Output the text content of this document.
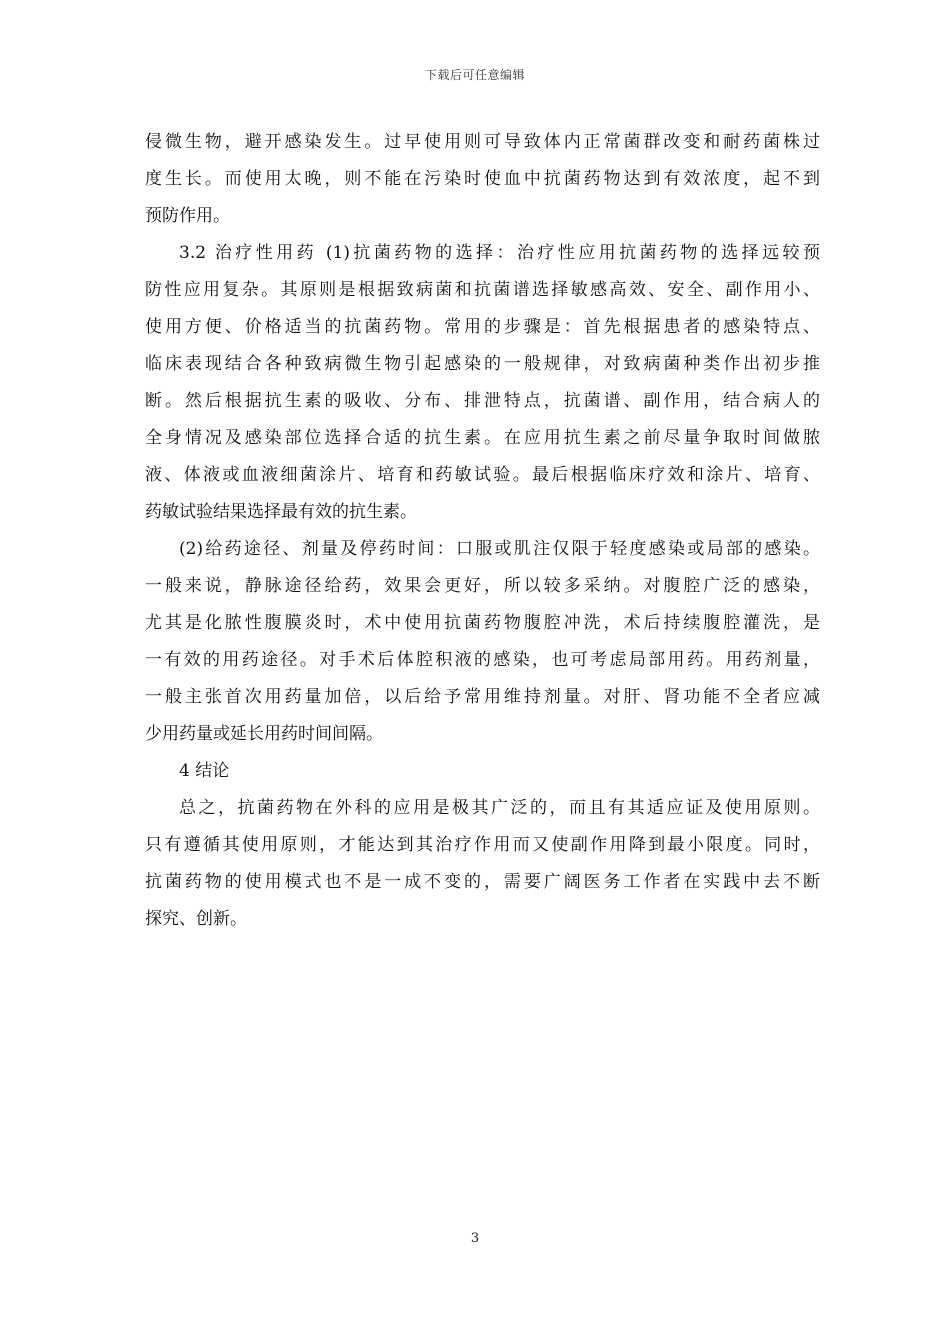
下载后可任意编辑
侵微生物，避开感染发生。过早使用则可导致体内正常菌群改变和耐药菌株过
度生长。而使用太晚，则不能在污染时使血中抗菌药物达到有效浓度，起不到
预防作用。
3.2 治疗性用药 (1)抗菌药物的选择：治疗性应用抗菌药物的选择远较预
防性应用复杂。其原则是根据致病菌和抗菌谱选择敏感高效、安全、副作用小、
使用方便、价格适当的抗菌药物。常用的步骤是：首先根据患者的感染特点、
临床表现结合各种致病微生物引起感染的一般规律，对致病菌种类作出初步推
断。然后根据抗生素的吸收、分布、排泄特点，抗菌谱、副作用，结合病人的
全身情况及感染部位选择合适的抗生素。在应用抗生素之前尽量争取时间做脓
液、体液或血液细菌涂片、培育和药敏试验。最后根据临床疗效和涂片、培育、
药敏试验结果选择最有效的抗生素。
(2)给药途径、剂量及停药时间：口服或肌注仅限于轻度感染或局部的感染。
一般来说，静脉途径给药，效果会更好，所以较多采纳。对腹腔广泛的感染，
尤其是化脓性腹膜炎时，术中使用抗菌药物腹腔冲洗，术后持续腹腔灌洗，是
一有效的用药途径。对手术后体腔积液的感染，也可考虑局部用药。用药剂量，
一般主张首次用药量加倍，以后给予常用维持剂量。对肝、肾功能不全者应减
少用药量或延长用药时间间隔。
4 结论
总之，抗菌药物在外科的应用是极其广泛的，而且有其适应证及使用原则。
只有遵循其使用原则，才能达到其治疗作用而又使副作用降到最小限度。同时，
抗菌药物的使用模式也不是一成不变的，需要广阔医务工作者在实践中去不断
探究、创新。
3
